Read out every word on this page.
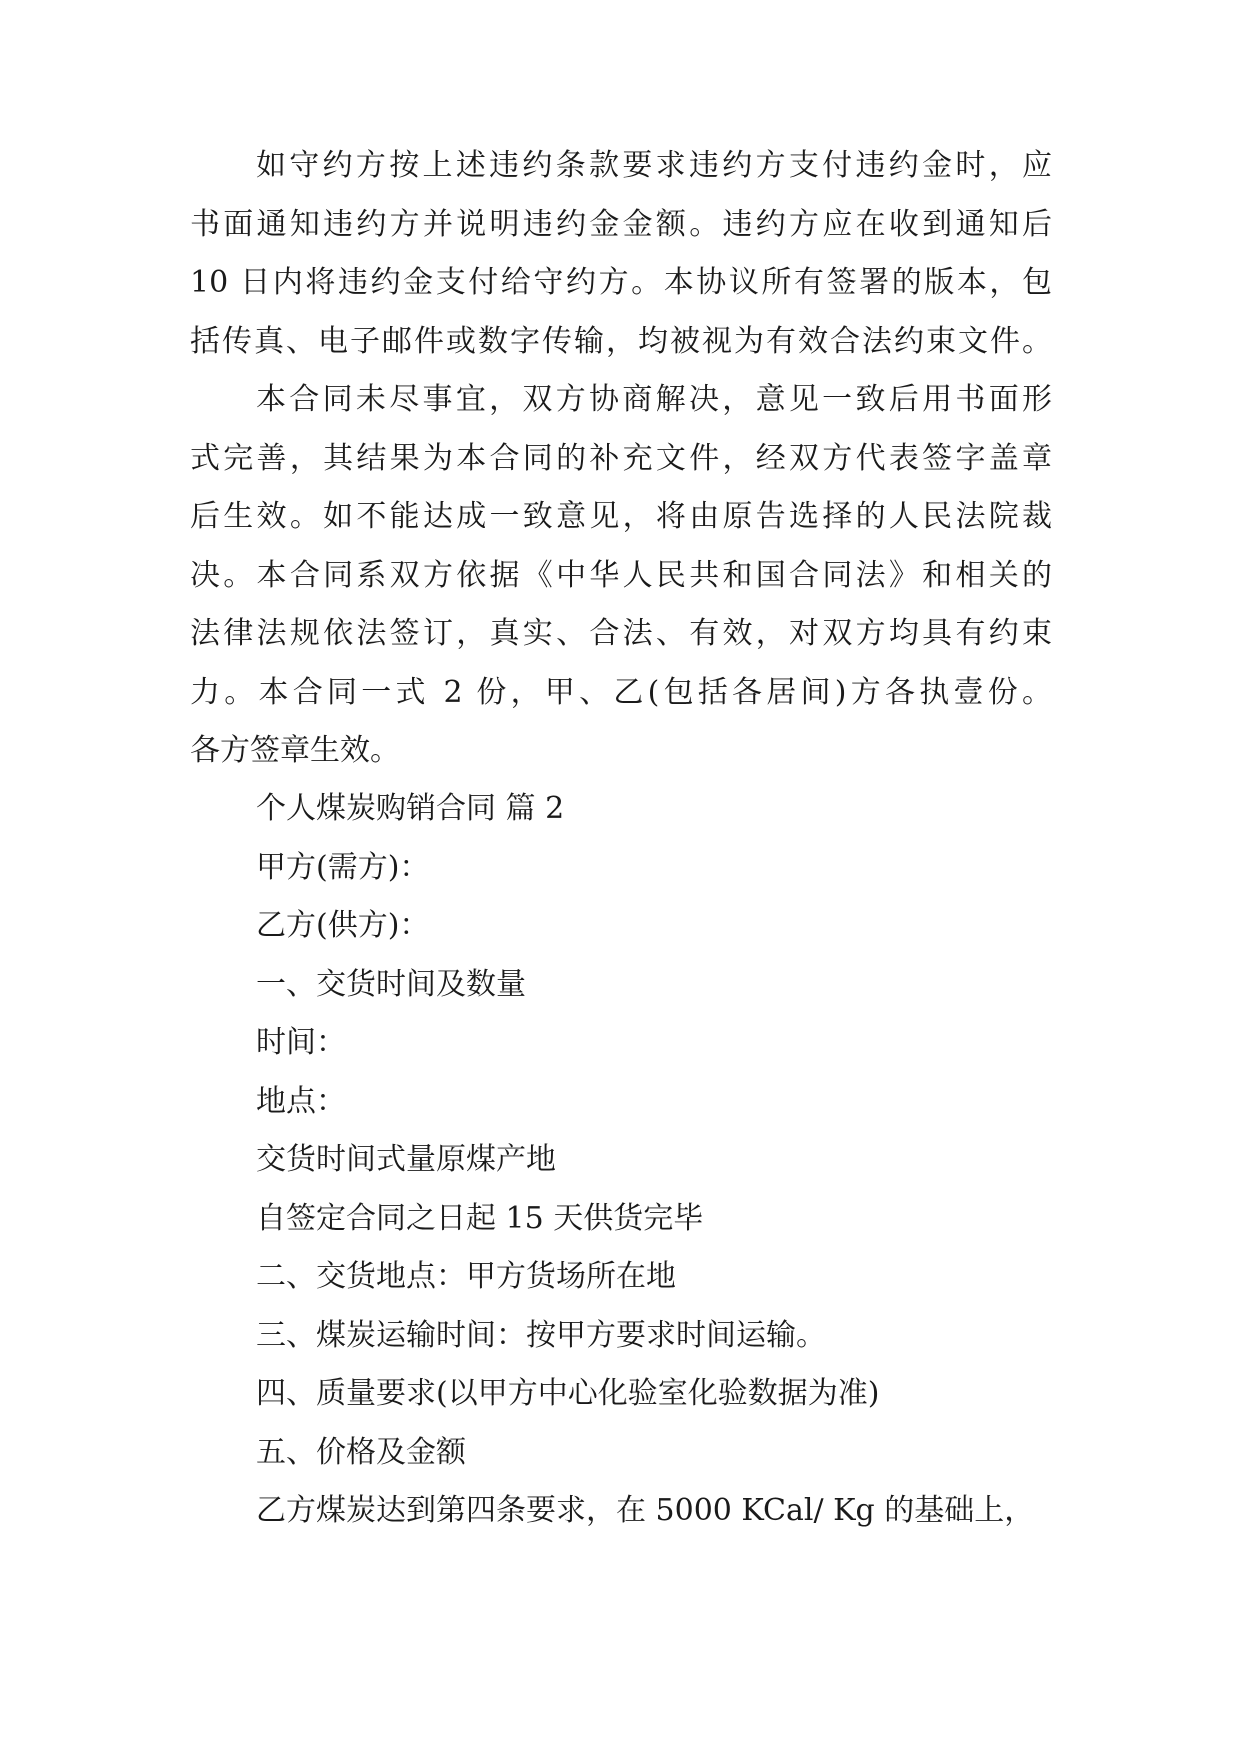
如守约方按上述违约条款要求违约方支付违约金时，应
书面通知违约方并说明违约金金额。违约方应在收到通知后
10 日内将违约金支付给守约方。本协议所有签署的版本，包
括传真、电子邮件或数字传输，均被视为有效合法约束文件。
本合同未尽事宜，双方协商解决，意见一致后用书面形
式完善，其结果为本合同的补充文件，经双方代表签字盖章
后生效。如不能达成一致意见，将由原告选择的人民法院裁
决。本合同系双方依据《中华人民共和国合同法》和相关的
法律法规依法签订，真实、合法、有效，对双方均具有约束
力。本合同一式 2 份，甲、乙(包括各居间)方各执壹份。
各方签章生效。

个人煤炭购销合同 篇 2

甲方(需方)：

乙方(供方)：

一、交货时间及数量

时间：

地点：

交货时间式量原煤产地

自签定合同之日起 15 天供货完毕

二、交货地点：甲方货场所在地

三、煤炭运输时间：按甲方要求时间运输。

四、质量要求(以甲方中心化验室化验数据为准)

五、价格及金额

乙方煤炭达到第四条要求，在 5000 KCal/ Kg 的基础上，
